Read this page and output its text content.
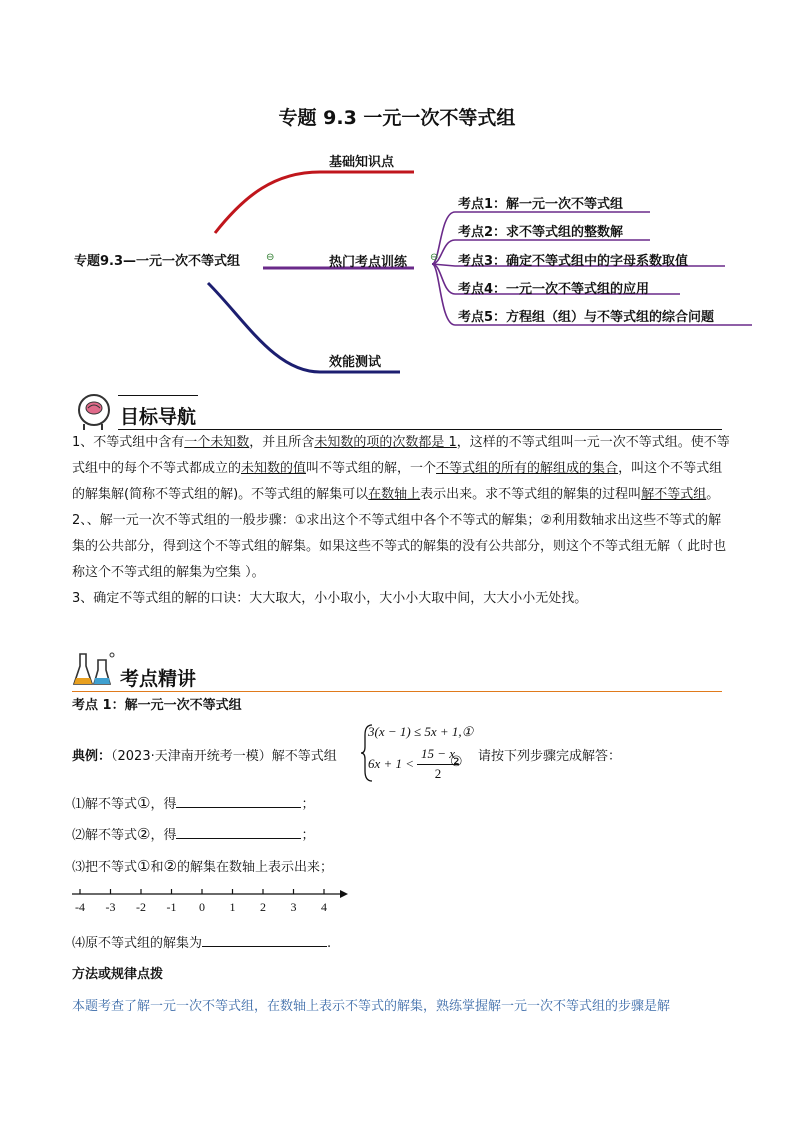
专题 9.3 一元一次不等式组
专题9.3—一元一次不等式组	⊖
基础知识点
热门考点训练 ⊖
效能测试
考点1：解一元一次不等式组
考点2：求不等式组的整数解
考点3：确定不等式组中的字母系数取值
考点4：一元一次不等式组的应用
考点5：方程组（组）与不等式组的综合问题
目标导航

1、不等式组中含有一个未知数，并且所含未知数的项的次数都是 1，这样的不等式组叫一元一次不等式组。使不等式组中的每个不等式都成立的未知数的值叫不等式组的解，一个不等式组的所有的解组成的集合，叫这个不等式组的解集解(简称不等式组的解)。不等式组的解集可以在数轴上表示出来。求不等式组的解集的过程叫解不等式组。

2、、解一元一次不等式组的一般步骤：①求出这个不等式组中各个不等式的解集；②利用数轴求出这些不等式的解集的公共部分，得到这个不等式组的解集。如果这些不等式的解集的没有公共部分，则这个不等式组无解（ 此时也称这个不等式组的解集为空集 ）。

3、确定不等式组的解的口诀：大大取大，小小取小，大小小大取中间，大大小小无处找。

考点精讲
考点 1：解一元一次不等式组
典例：（2023·天津南开统考一模）解不等式组
3(x − 1) ≤ 5x + 1,①
6x + 1 <
15 − x
2
② 请按下列步骤完成解答：
⑴解不等式①，得	；
⑵解不等式②，得	；
⑶把不等式①和②的解集在数轴上表示出来；
-4	-3	-2	-1	0	1	2	3	4
⑷原不等式组的解集为	.
方法或规律点拨
本题考查了解一元一次不等式组，在数轴上表示不等式的解集，熟练掌握解一元一次不等式组的步骤是解
